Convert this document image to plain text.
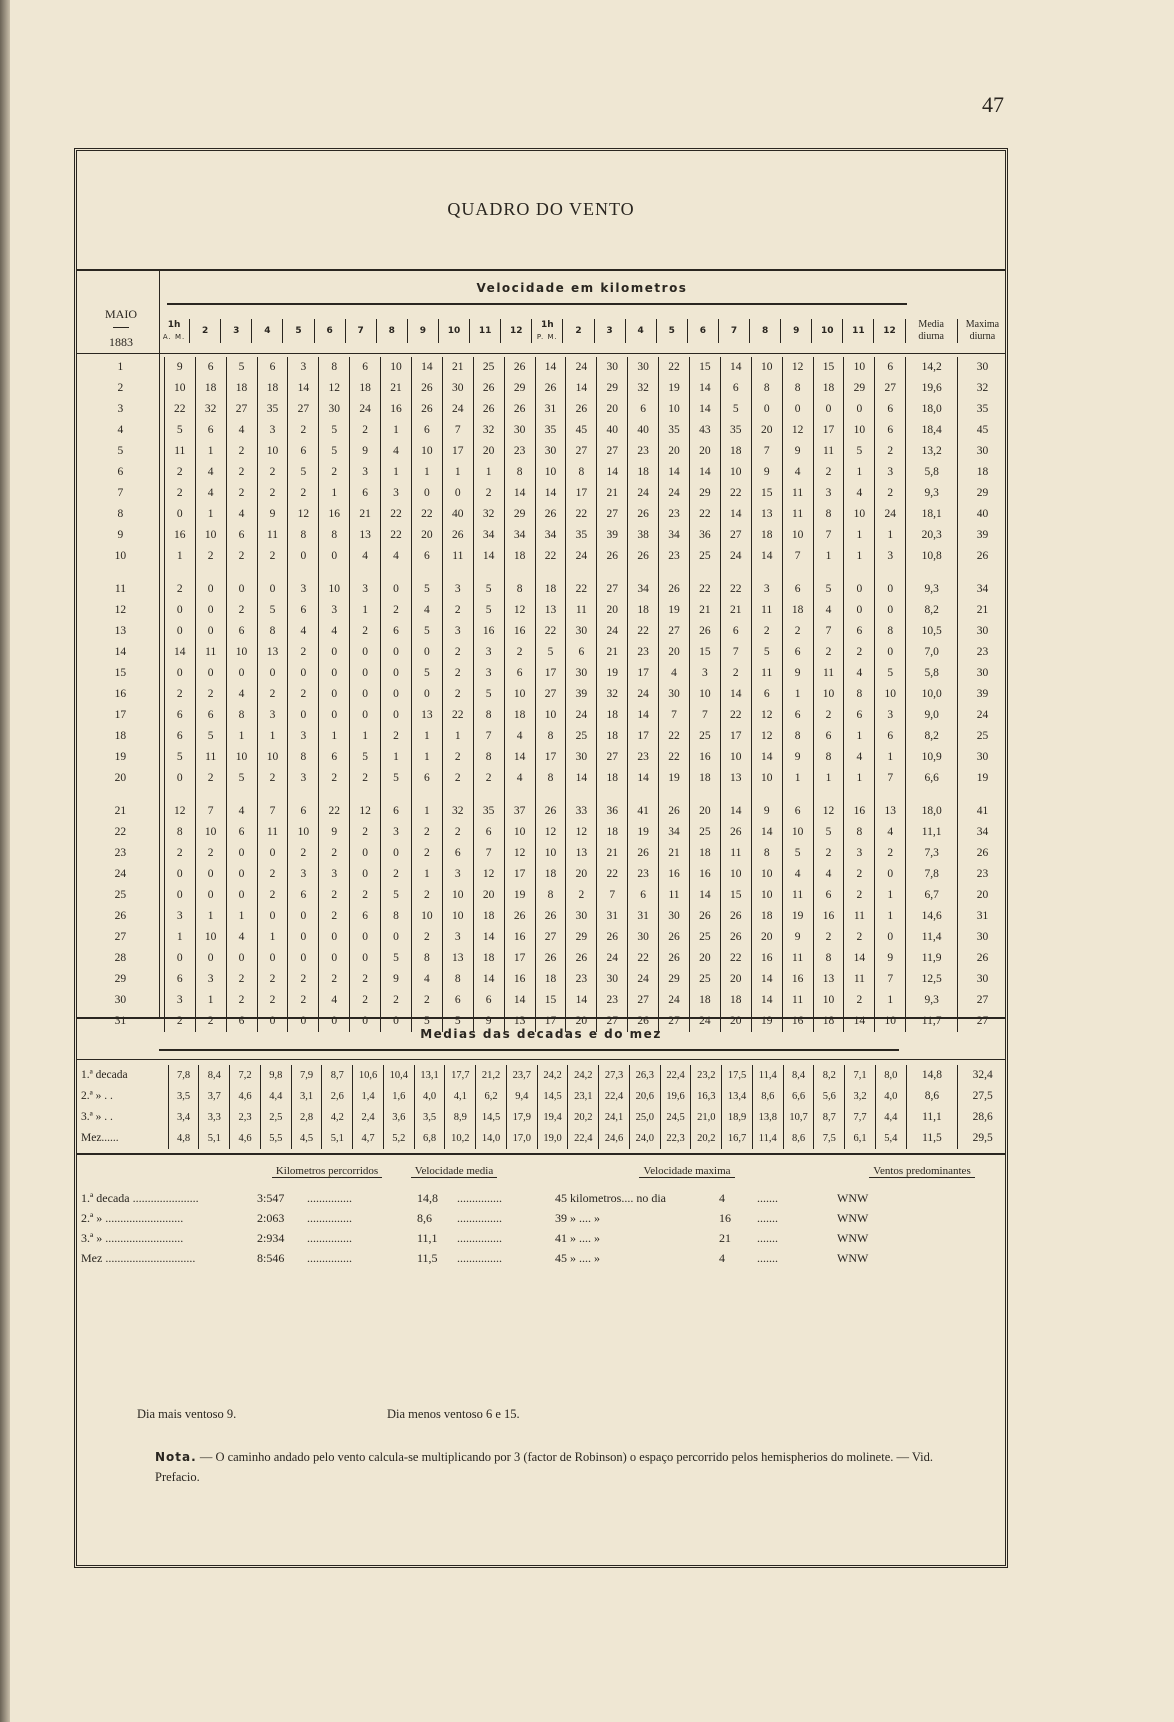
47
QUADRO DO VENTO
MAIO
1883
Velocidade em kilometros
1h
A. M.
	2	3	4	5	6	7	8	9	10	11	12	1h
P. M.
	2	3	4	5	6	7	8	9	10	11	12	Media diurna	Maxima diurna
1	9	6	5	6	3	8	6	10	14	21	25	26	14	24	30	30	22	15	14	10	12	15	10	6	14,2	30
2	10	18	18	18	14	12	18	21	26	30	26	29	26	14	29	32	19	14	6	8	8	18	29	27	19,6	32
3	22	32	27	35	27	30	24	16	26	24	26	26	31	26	20	6	10	14	5	0	0	0	0	6	18,0	35
4	5	6	4	3	2	5	2	1	6	7	32	30	35	45	40	40	35	43	35	20	12	17	10	6	18,4	45
5	11	1	2	10	6	5	9	4	10	17	20	23	30	27	27	23	20	20	18	7	9	11	5	2	13,2	30
6	2	4	2	2	5	2	3	1	1	1	1	8	10	8	14	18	14	14	10	9	4	2	1	3	5,8	18
7	2	4	2	2	2	1	6	3	0	0	2	14	14	17	21	24	24	29	22	15	11	3	4	2	9,3	29
8	0	1	4	9	12	16	21	22	22	40	32	29	26	22	27	26	23	22	14	13	11	8	10	24	18,1	40
9	16	10	6	11	8	8	13	22	20	26	34	34	34	35	39	38	34	36	27	18	10	7	1	1	20,3	39
10	1	2	2	2	0	0	4	4	6	11	14	18	22	24	26	26	23	25	24	14	7	1	1	3	10,8	26
11	2	0	0	0	3	10	3	0	5	3	5	8	18	22	27	34	26	22	22	3	6	5	0	0	9,3	34
12	0	0	2	5	6	3	1	2	4	2	5	12	13	11	20	18	19	21	21	11	18	4	0	0	8,2	21
13	0	0	6	8	4	4	2	6	5	3	16	16	22	30	24	22	27	26	6	2	2	7	6	8	10,5	30
14	14	11	10	13	2	0	0	0	0	2	3	2	5	6	21	23	20	15	7	5	6	2	2	0	7,0	23
15	0	0	0	0	0	0	0	0	5	2	3	6	17	30	19	17	4	3	2	11	9	11	4	5	5,8	30
16	2	2	4	2	2	0	0	0	0	2	5	10	27	39	32	24	30	10	14	6	1	10	8	10	10,0	39
17	6	6	8	3	0	0	0	0	13	22	8	18	10	24	18	14	7	7	22	12	6	2	6	3	9,0	24
18	6	5	1	1	3	1	1	2	1	1	7	4	8	25	18	17	22	25	17	12	8	6	1	6	8,2	25
19	5	11	10	10	8	6	5	1	1	2	8	14	17	30	27	23	22	16	10	14	9	8	4	1	10,9	30
20	0	2	5	2	3	2	2	5	6	2	2	4	8	14	18	14	19	18	13	10	1	1	1	7	6,6	19
21	12	7	4	7	6	22	12	6	1	32	35	37	26	33	36	41	26	20	14	9	6	12	16	13	18,0	41
22	8	10	6	11	10	9	2	3	2	2	6	10	12	12	18	19	34	25	26	14	10	5	8	4	11,1	34
23	2	2	0	0	2	2	0	0	2	6	7	12	10	13	21	26	21	18	11	8	5	2	3	2	7,3	26
24	0	0	0	2	3	3	0	2	1	3	12	17	18	20	22	23	16	16	10	10	4	4	2	0	7,8	23
25	0	0	0	2	6	2	2	5	2	10	20	19	8	2	7	6	11	14	15	10	11	6	2	1	6,7	20
26	3	1	1	0	0	2	6	8	10	10	18	26	26	30	31	31	30	26	26	18	19	16	11	1	14,6	31
27	1	10	4	1	0	0	0	0	2	3	14	16	27	29	26	30	26	25	26	20	9	2	2	0	11,4	30
28	0	0	0	0	0	0	0	5	8	13	18	17	26	26	24	22	26	20	22	16	11	8	14	9	11,9	26
29	6	3	2	2	2	2	2	9	4	8	14	16	18	23	30	24	29	25	20	14	16	13	11	7	12,5	30
30	3	1	2	2	2	4	2	2	2	6	6	14	15	14	23	27	24	18	18	14	11	10	2	1	9,3	27
31	2	2	6	0	0	0	0	0	5	5	9	13	17	20	27	26	27	24	20	19	16	18	14	10	11,7	27
Medias das decadas e do mez
1.ª decada	7,8	8,4	7,2	9,8	7,9	8,7	10,6	10,4	13,1	17,7	21,2	23,7	24,2	24,2	27,3	26,3	22,4	23,2	17,5	11,4	8,4	8,2	7,1	8,0	14,8	32,4
2.ª » . .	3,5	3,7	4,6	4,4	3,1	2,6	1,4	1,6	4,0	4,1	6,2	9,4	14,5	23,1	22,4	20,6	19,6	16,3	13,4	8,6	6,6	5,6	3,2	4,0	8,6	27,5
3.ª » . .	3,4	3,3	2,3	2,5	2,8	4,2	2,4	3,6	3,5	8,9	14,5	17,9	19,4	20,2	24,1	25,0	24,5	21,0	18,9	13,8	10,7	8,7	7,7	4,4	11,1	28,6
Mez......	4,8	5,1	4,6	5,5	4,5	5,1	4,7	5,2	6,8	10,2	14,0	17,0	19,0	22,4	24,6	24,0	22,3	20,2	16,7	11,4	8,6	7,5	6,1	5,4	11,5	29,5
Kilometros percorridos	Velocidade media	Velocidade maxima	Ventos predominantes
1.ª decada ......................	3:547 ...............	14,8 ...............	45 kilometros.... no dia	4	.......	WNW
2.ª » ..........................	2:063 ...............	8,6 ...............	39 » .... »	16 .......	WNW
3.ª » ..........................	2:934 ...............	11,1 ...............	41 » .... »	21 .......	WNW
Mez ..............................	8:546 ...............	11,5 ...............	45 » .... »	4	.......	WNW
Dia mais ventoso 9.	Dia menos ventoso 6 e 15.
Nota. — O caminho andado pelo vento calcula-se multiplicando por 3 (factor de Robinson) o espaço percorrido pelos hemispherios do molinete. — Vid. Prefacio.
